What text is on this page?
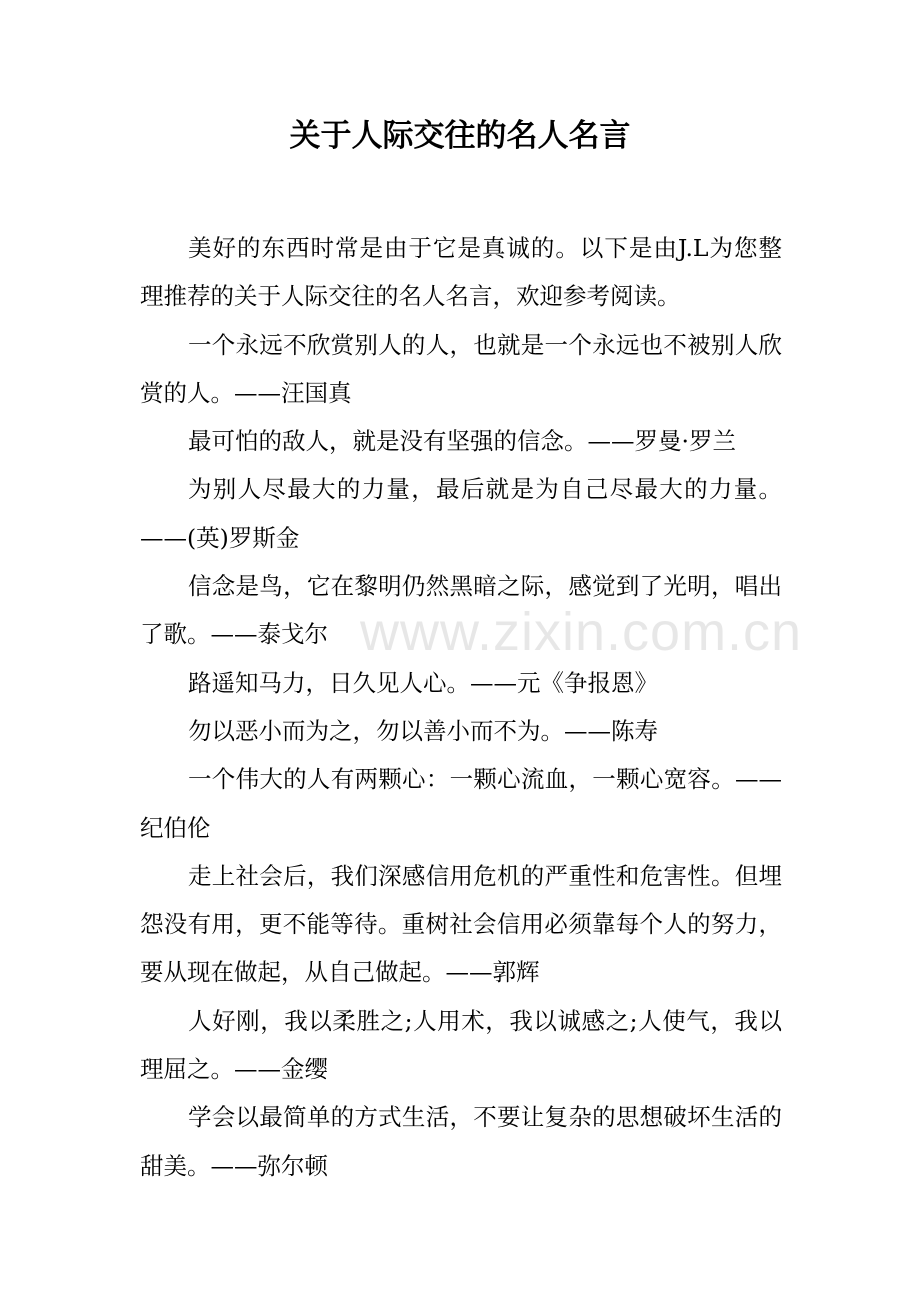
关于人际交往的名人名言

美好的东西时常是由于它是真诚的。以下是由J.L为您整理推荐的关于人际交往的名人名言，欢迎参考阅读。

一个永远不欣赏别人的人，也就是一个永远也不被别人欣赏的人。——汪国真

最可怕的敌人，就是没有坚强的信念。——罗曼·罗兰

为别人尽最大的力量，最后就是为自己尽最大的力量。——(英)罗斯金

信念是鸟，它在黎明仍然黑暗之际，感觉到了光明，唱出了歌。——泰戈尔

路遥知马力，日久见人心。——元《争报恩》

勿以恶小而为之，勿以善小而不为。——陈寿

一个伟大的人有两颗心：一颗心流血，一颗心宽容。——纪伯伦

走上社会后，我们深感信用危机的严重性和危害性。但埋怨没有用，更不能等待。重树社会信用必须靠每个人的努力，要从现在做起，从自己做起。——郭辉

人好刚，我以柔胜之;人用术，我以诚感之;人使气，我以理屈之。——金缨

学会以最简单的方式生活，不要让复杂的思想破坏生活的甜美。——弥尔顿

www.zixin.com.cn
